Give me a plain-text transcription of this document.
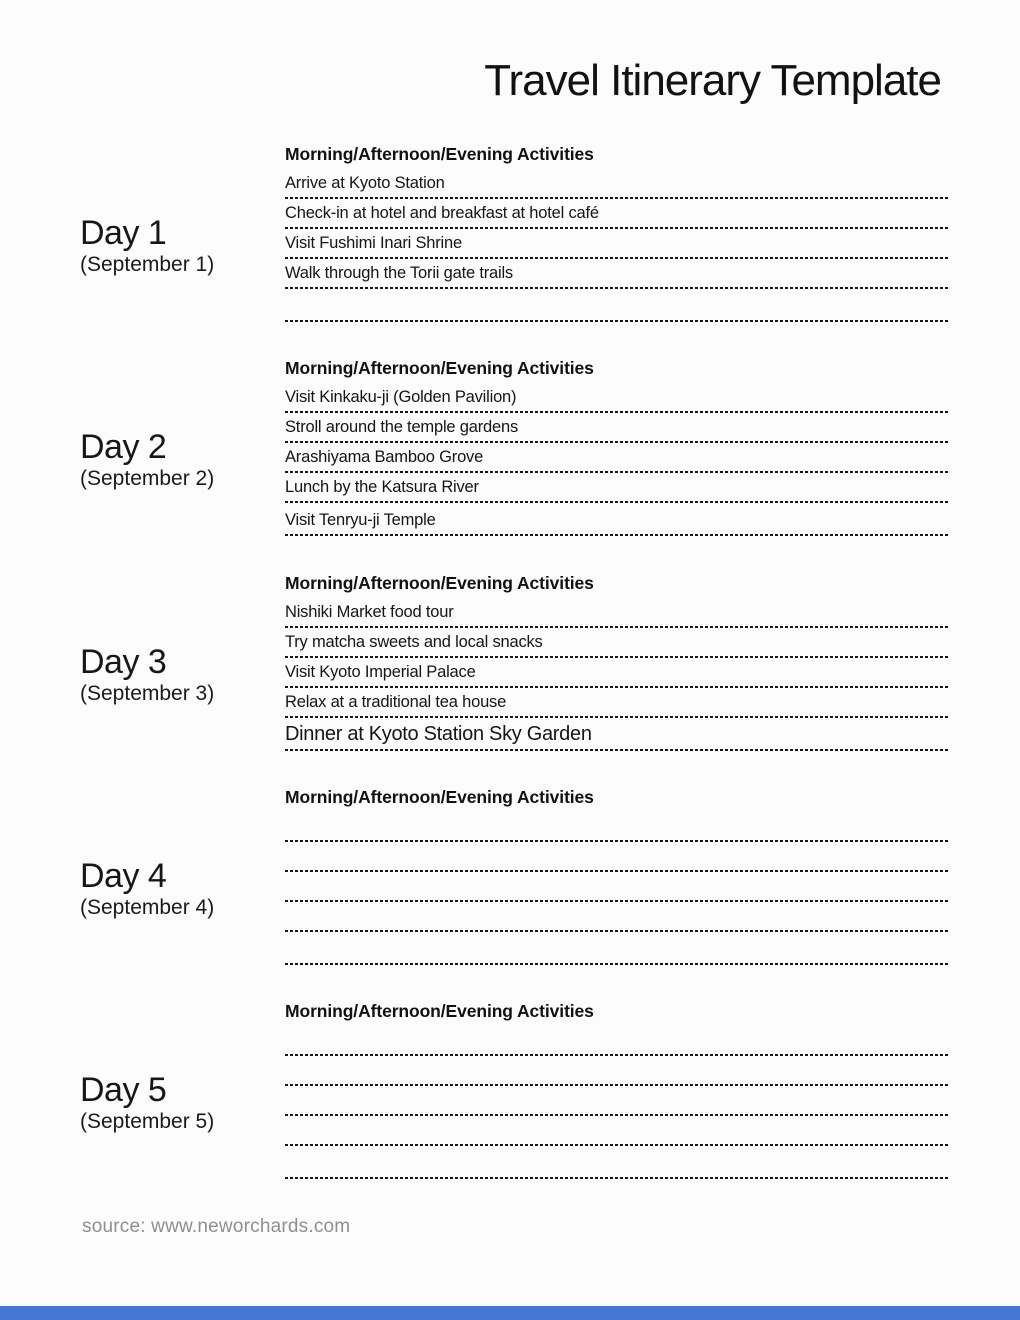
Travel Itinerary Template
Day 1
(September 1)
Morning/Afternoon/Evening Activities
Arrive at Kyoto Station
Check-in at hotel and breakfast at hotel café
Visit Fushimi Inari Shrine
Walk through the Torii gate trails
Day 2
(September 2)
Morning/Afternoon/Evening Activities
Visit Kinkaku-ji (Golden Pavilion)
Stroll around the temple gardens
Arashiyama Bamboo Grove
Lunch by the Katsura River
Visit Tenryu-ji Temple
Day 3
(September 3)
Morning/Afternoon/Evening Activities
Nishiki Market food tour
Try matcha sweets and local snacks
Visit Kyoto Imperial Palace
Relax at a traditional tea house
Dinner at Kyoto Station Sky Garden
Day 4
(September 4)
Morning/Afternoon/Evening Activities
Day 5
(September 5)
Morning/Afternoon/Evening Activities
source: www.neworchards.com
